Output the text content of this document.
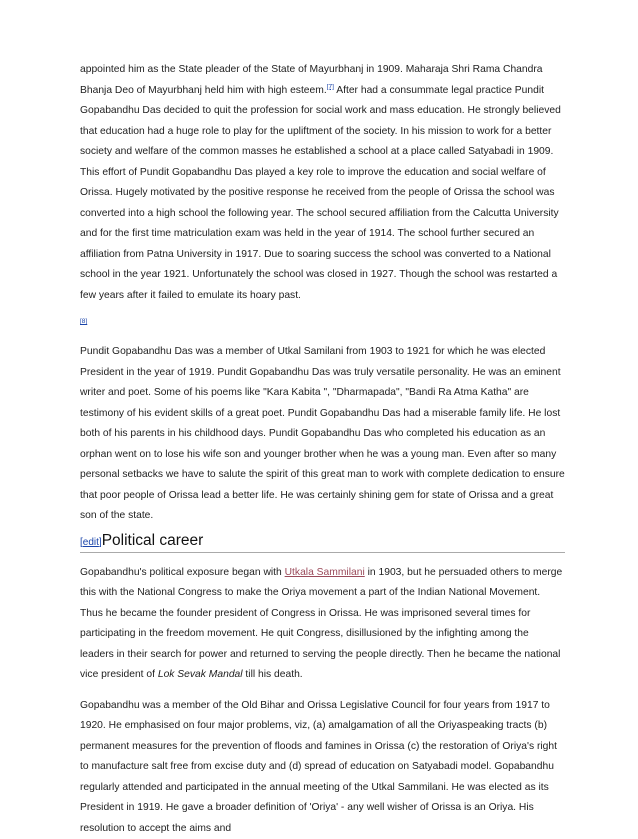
appointed him as the State pleader of the State of Mayurbhanj in 1909. Maharaja Shri Rama Chandra Bhanja Deo of Mayurbhanj held him with high esteem.[7] After had a consummate legal practice Pundit Gopabandhu Das decided to quit the profession for social work and mass education. He strongly believed that education had a huge role to play for the upliftment of the society. In his mission to work for a better society and welfare of the common masses he established a school at a place called Satyabadi in 1909. This effort of Pundit Gopabandhu Das played a key role to improve the education and social welfare of Orissa. Hugely motivated by the positive response he received from the people of Orissa the school was converted into a high school the following year. The school secured affiliation from the Calcutta University and for the first time matriculation exam was held in the year of 1914. The school further secured an affiliation from Patna University in 1917. Due to soaring success the school was converted to a National school in the year 1921. Unfortunately the school was closed in 1927. Though the school was restarted a few years after it failed to emulate its hoary past.

[8]

Pundit Gopabandhu Das was a member of Utkal Samilani from 1903 to 1921 for which he was elected President in the year of 1919. Pundit Gopabandhu Das was truly versatile personality. He was an eminent writer and poet. Some of his poems like "Kara Kabita ", "Dharmapada", "Bandi Ra Atma Katha" are testimony of his evident skills of a great poet. Pundit Gopabandhu Das had a miserable family life. He lost both of his parents in his childhood days. Pundit Gopabandhu Das who completed his education as an orphan went on to lose his wife son and younger brother when he was a young man. Even after so many personal setbacks we have to salute the spirit of this great man to work with complete dedication to ensure that poor people of Orissa lead a better life. He was certainly shining gem for state of Orissa and a great son of the state.

[edit]Political career

Gopabandhu's political exposure began with Utkala Sammilani in 1903, but he persuaded others to merge this with the National Congress to make the Oriya movement a part of the Indian National Movement. Thus he became the founder president of Congress in Orissa. He was imprisoned several times for participating in the freedom movement. He quit Congress, disillusioned by the infighting among the leaders in their search for power and returned to serving the people directly. Then he became the national vice president of Lok Sevak Mandal till his death.

Gopabandhu was a member of the Old Bihar and Orissa Legislative Council for four years from 1917 to 1920. He emphasised on four major problems, viz, (a) amalgamation of all the Oriyaspeaking tracts (b) permanent measures for the prevention of floods and famines in Orissa (c) the restoration of Oriya's right to manufacture salt free from excise duty and (d) spread of education on Satyabadi model. Gopabandhu regularly attended and participated in the annual meeting of the Utkal Sammilani. He was elected as its President in 1919. He gave a broader definition of 'Oriya' - any well wisher of Orissa is an Oriya. His resolution to accept the aims and
